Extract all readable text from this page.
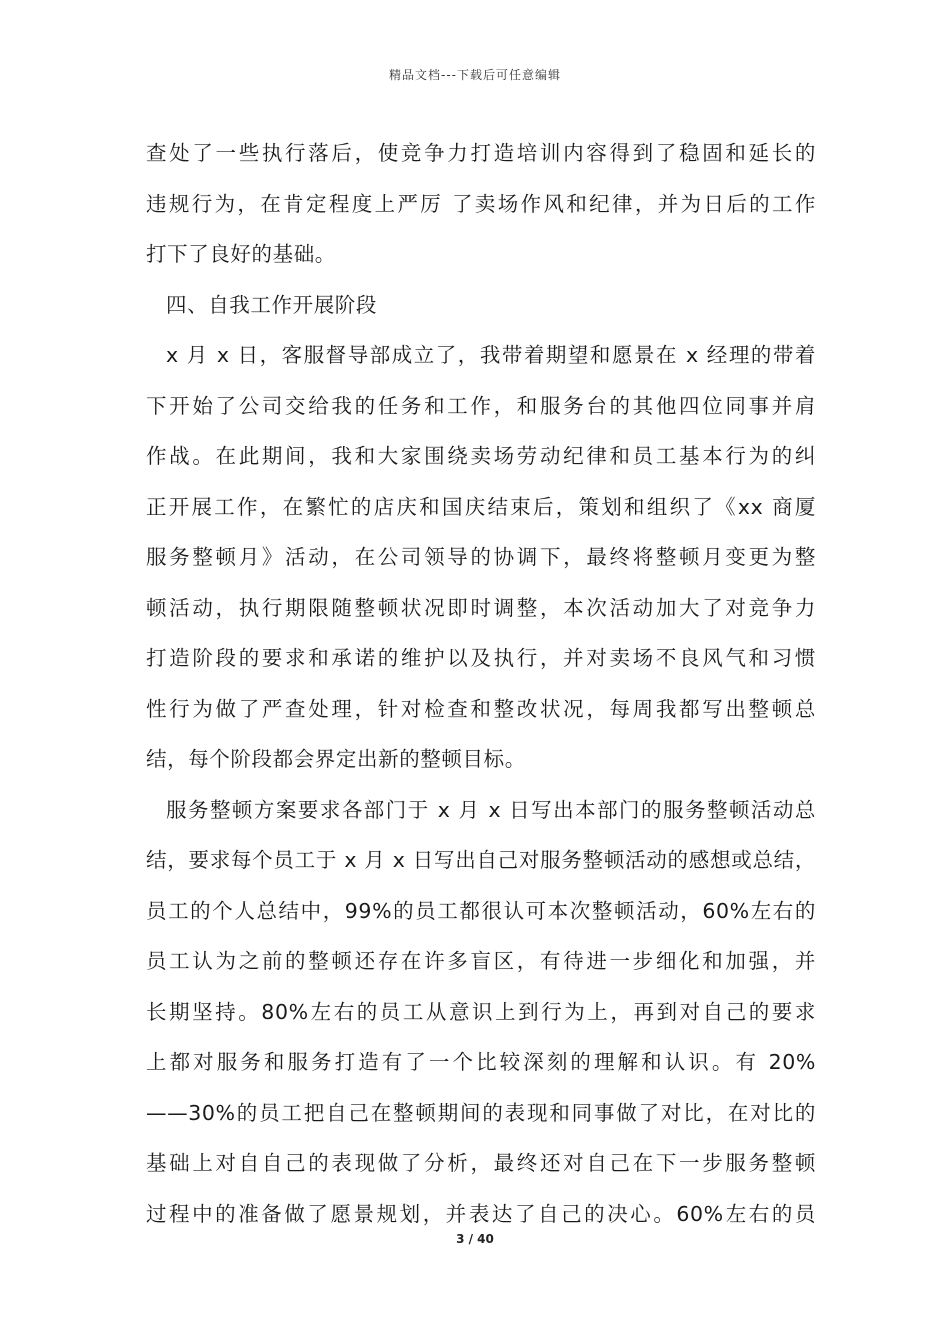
精品文档---下载后可任意编辑
查处了一些执行落后，使竞争力打造培训内容得到了稳固和延长的
违规行为，在肯定程度上严厉 了卖场作风和纪律，并为日后的工作
打下了良好的基础。
四、自我工作开展阶段
x 月 x 日，客服督导部成立了，我带着期望和愿景在 x 经理的带着
下开始了公司交给我的任务和工作，和服务台的其他四位同事并肩
作战。在此期间，我和大家围绕卖场劳动纪律和员工基本行为的纠
正开展工作，在繁忙的店庆和国庆结束后，策划和组织了《xx 商厦
服务整顿月》活动，在公司领导的协调下，最终将整顿月变更为整
顿活动，执行期限随整顿状况即时调整，本次活动加大了对竞争力
打造阶段的要求和承诺的维护以及执行，并对卖场不良风气和习惯
性行为做了严查处理，针对检查和整改状况，每周我都写出整顿总
结，每个阶段都会界定出新的整顿目标。
服务整顿方案要求各部门于 x 月 x 日写出本部门的服务整顿活动总
结，要求每个员工于 x 月 x 日写出自己对服务整顿活动的感想或总结，
员工的个人总结中，99%的员工都很认可本次整顿活动，60%左右的
员工认为之前的整顿还存在许多盲区，有待进一步细化和加强，并
长期坚持。80%左右的员工从意识上到行为上，再到对自己的要求
上都对服务和服务打造有了一个比较深刻的理解和认识。有 20%
——30%的员工把自己在整顿期间的表现和同事做了对比，在对比的
基础上对自自己的表现做了分析，最终还对自己在下一步服务整顿
过程中的准备做了愿景规划，并表达了自己的决心。60%左右的员
3 / 40
